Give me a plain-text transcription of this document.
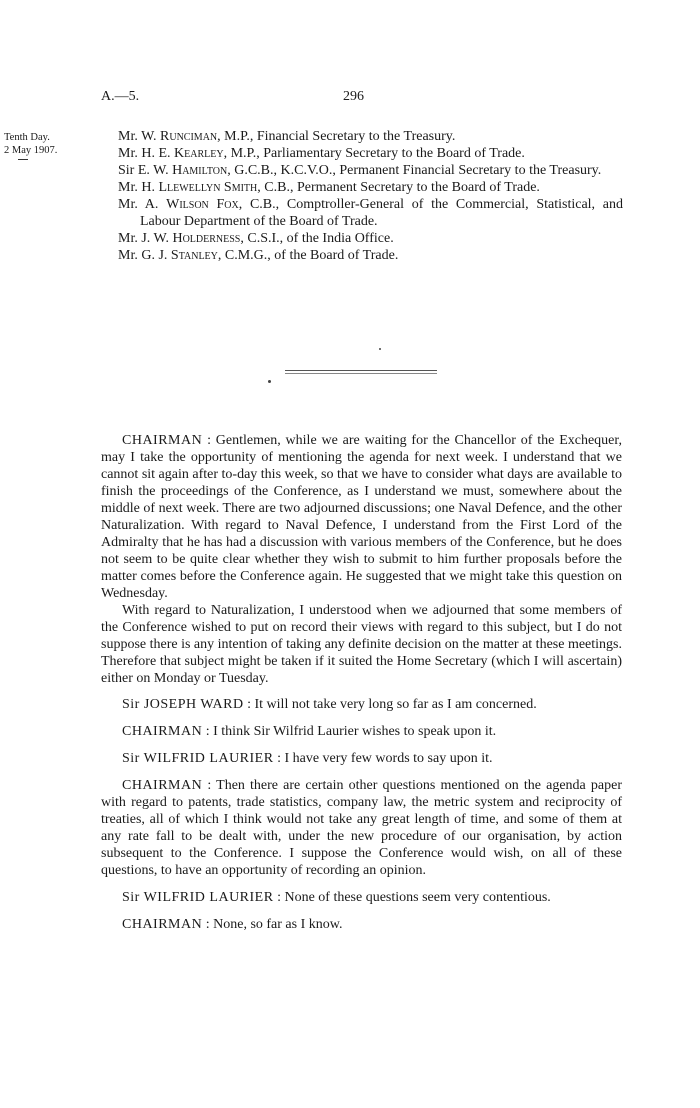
A.—5.	296
Tenth Day.
2 May 1907.
Mr. W. Runciman, M.P., Financial Secretary to the Treasury.
Mr. H. E. Kearley, M.P., Parliamentary Secretary to the Board of Trade.
Sir E. W. Hamilton, G.C.B., K.C.V.O., Permanent Financial Secretary to the Treasury.
Mr. H. Llewellyn Smith, C.B., Permanent Secretary to the Board of Trade.
Mr. A. Wilson Fox, C.B., Comptroller-General of the Commercial, Statistical, and Labour Department of the Board of Trade.
Mr. J. W. Holderness, C.S.I., of the India Office.
Mr. G. J. Stanley, C.M.G., of the Board of Trade.

CHAIRMAN : Gentlemen, while we are waiting for the Chancellor of the Exchequer, may I take the opportunity of mentioning the agenda for next week. I understand that we cannot sit again after to-day this week, so that we have to consider what days are available to finish the proceedings of the Conference, as I understand we must, somewhere about the middle of next week. There are two adjourned discussions; one Naval Defence, and the other Naturalization. With regard to Naval Defence, I understand from the First Lord of the Admiralty that he has had a discussion with various members of the Conference, but he does not seem to be quite clear whether they wish to submit to him further proposals before the matter comes before the Conference again. He suggested that we might take this question on Wednesday.

With regard to Naturalization, I understood when we adjourned that some members of the Conference wished to put on record their views with regard to this subject, but I do not suppose there is any intention of taking any definite decision on the matter at these meetings. Therefore that subject might be taken if it suited the Home Secretary (which I will ascertain) either on Monday or Tuesday.

Sir JOSEPH WARD : It will not take very long so far as I am concerned.

CHAIRMAN : I think Sir Wilfrid Laurier wishes to speak upon it.

Sir WILFRID LAURIER : I have very few words to say upon it.

CHAIRMAN : Then there are certain other questions mentioned on the agenda paper with regard to patents, trade statistics, company law, the metric system and reciprocity of treaties, all of which I think would not take any great length of time, and some of them at any rate fall to be dealt with, under the new procedure of our organisation, by action subsequent to the Conference. I suppose the Conference would wish, on all of these questions, to have an opportunity of recording an opinion.

Sir WILFRID LAURIER : None of these questions seem very contentious.

CHAIRMAN : None, so far as I know.
